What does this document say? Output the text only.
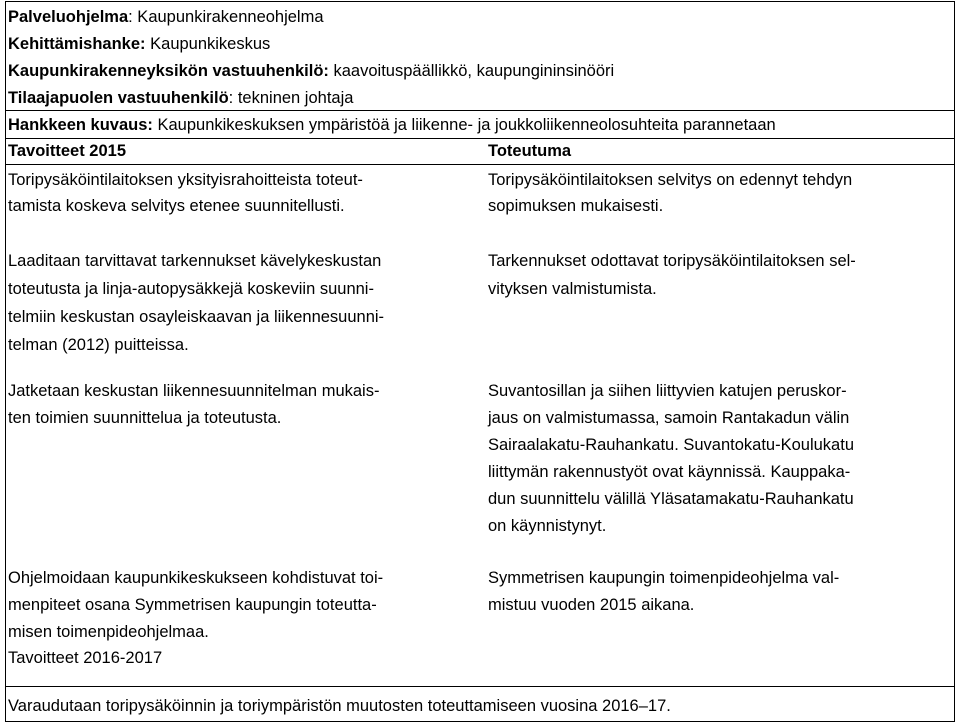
Palveluohjelma: Kaupunkirakenneohjelma

Kehittämishanke: Kaupunkikeskus

Kaupunkirakenneyksikön vastuuhenkilö: kaavoituspäällikkö, kaupungininsinööri

Tilaajapuolen vastuuhenkilö: tekninen johtaja

Hankkeen kuvaus: Kaupunkikeskuksen ympäristöä ja liikenne- ja joukkoliikenneolosuhteita parannetaan

Tavoitteet 2015	Toteutuma

Toripysäköintilaitoksen yksityisrahoitteista toteut-
tamista koskeva selvitys etenee suunnitellusti.
Toripysäköintilaitoksen selvitys on edennyt tehdyn
sopimuksen mukaisesti.
Laaditaan tarvittavat tarkennukset kävelykeskustan
toteutusta ja linja-autopysäkkejä koskeviin suunni-
telmiin keskustan osayleiskaavan ja liikennesuunni-
telman (2012) puitteissa.
Tarkennukset odottavat toripysäköintilaitoksen sel-
vityksen valmistumista.
Jatketaan keskustan liikennesuunnitelman mukais-
ten toimien suunnittelua ja toteutusta.
Suvantosillan ja siihen liittyvien katujen peruskor-
jaus on valmistumassa, samoin Rantakadun välin
Sairaalakatu-Rauhankatu. Suvantokatu-Koulukatu
liittymän rakennustyöt ovat käynnissä. Kauppaka-
dun suunnittelu välillä Yläsatamakatu-Rauhankatu
on käynnistynyt.
Ohjelmoidaan kaupunkikeskukseen kohdistuvat toi-
menpiteet osana Symmetrisen kaupungin toteutta-
misen toimenpideohjelmaa.
Symmetrisen kaupungin toimenpideohjelma val-
mistuu vuoden 2015 aikana.

Tavoitteet 2016-2017

Varaudutaan toripysäköinnin ja toriympäristön muutosten toteuttamiseen vuosina 2016–17.
